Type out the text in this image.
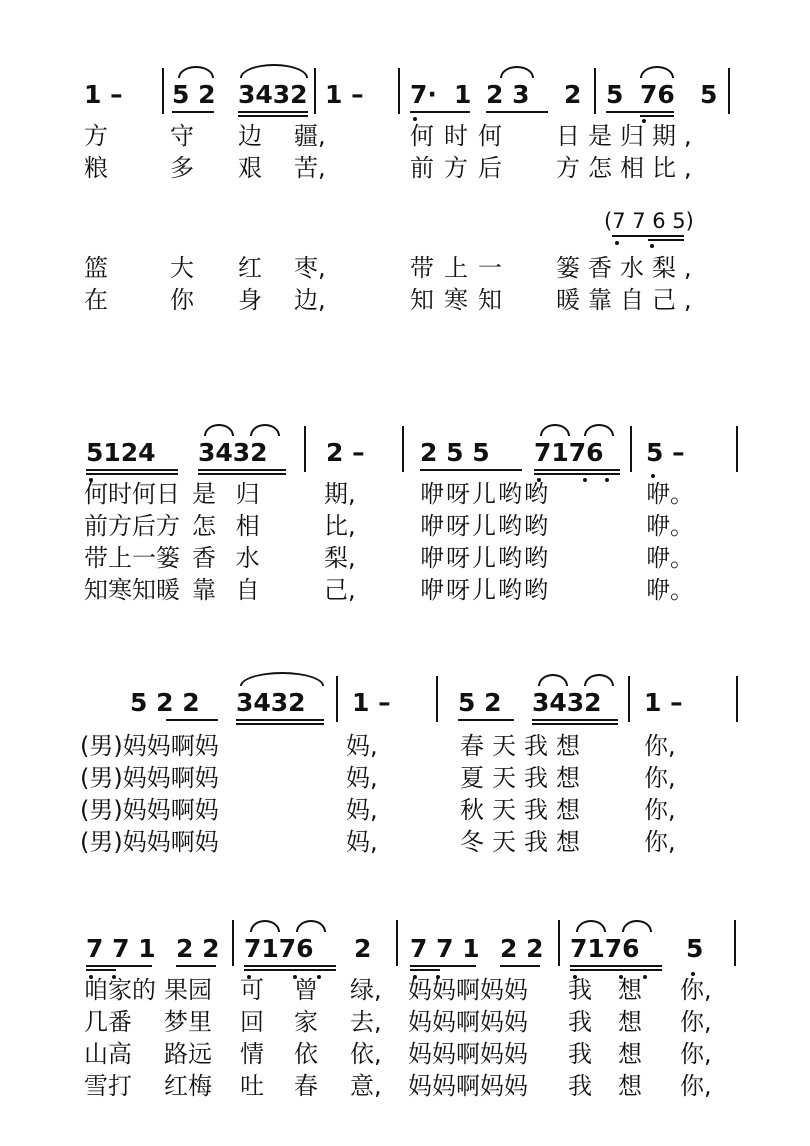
1 – 5 2 3432 1 – 7· 1 2 3 2 5 76 5
方	守 边 疆,	何时何 日是归期,
粮	多 艰 苦,	前方后 方怎相比,
(7 7 6 5)
篮	大 红 枣,	带上一 篓香水梨,
在	你 身 边,	知寒知 暖靠自己,
5124 3432 2 – 2 5 5 7176 5 –
何时何日 是 归 期,	咿呀儿哟哟	咿。
前方后方 怎 相 比,	咿呀儿哟哟	咿。
带上一篓 香 水 梨,	咿呀儿哟哟	咿。
知寒知暖 靠 自 己,	咿呀儿哟哟	咿。
5 2 2 3432 1 –	5 2 3432 1 –
(男)妈妈啊妈	妈,	春天我想 你,
(男)妈妈啊妈	妈,	夏天我想 你,
(男)妈妈啊妈	妈,	秋天我想 你,
(男)妈妈啊妈	妈,	冬天我想 你,
7 7 1 2 2 7176 2 7 7 1 2 2 7176 5
咱家的 果园 可 曾 绿, 妈妈啊妈妈 我 想 你,
几番 梦里 回 家 去, 妈妈啊妈妈 我 想 你,
山高 路远 情 依 依, 妈妈啊妈妈 我 想 你,
雪打 红梅 吐 春 意, 妈妈啊妈妈 我 想 你,
